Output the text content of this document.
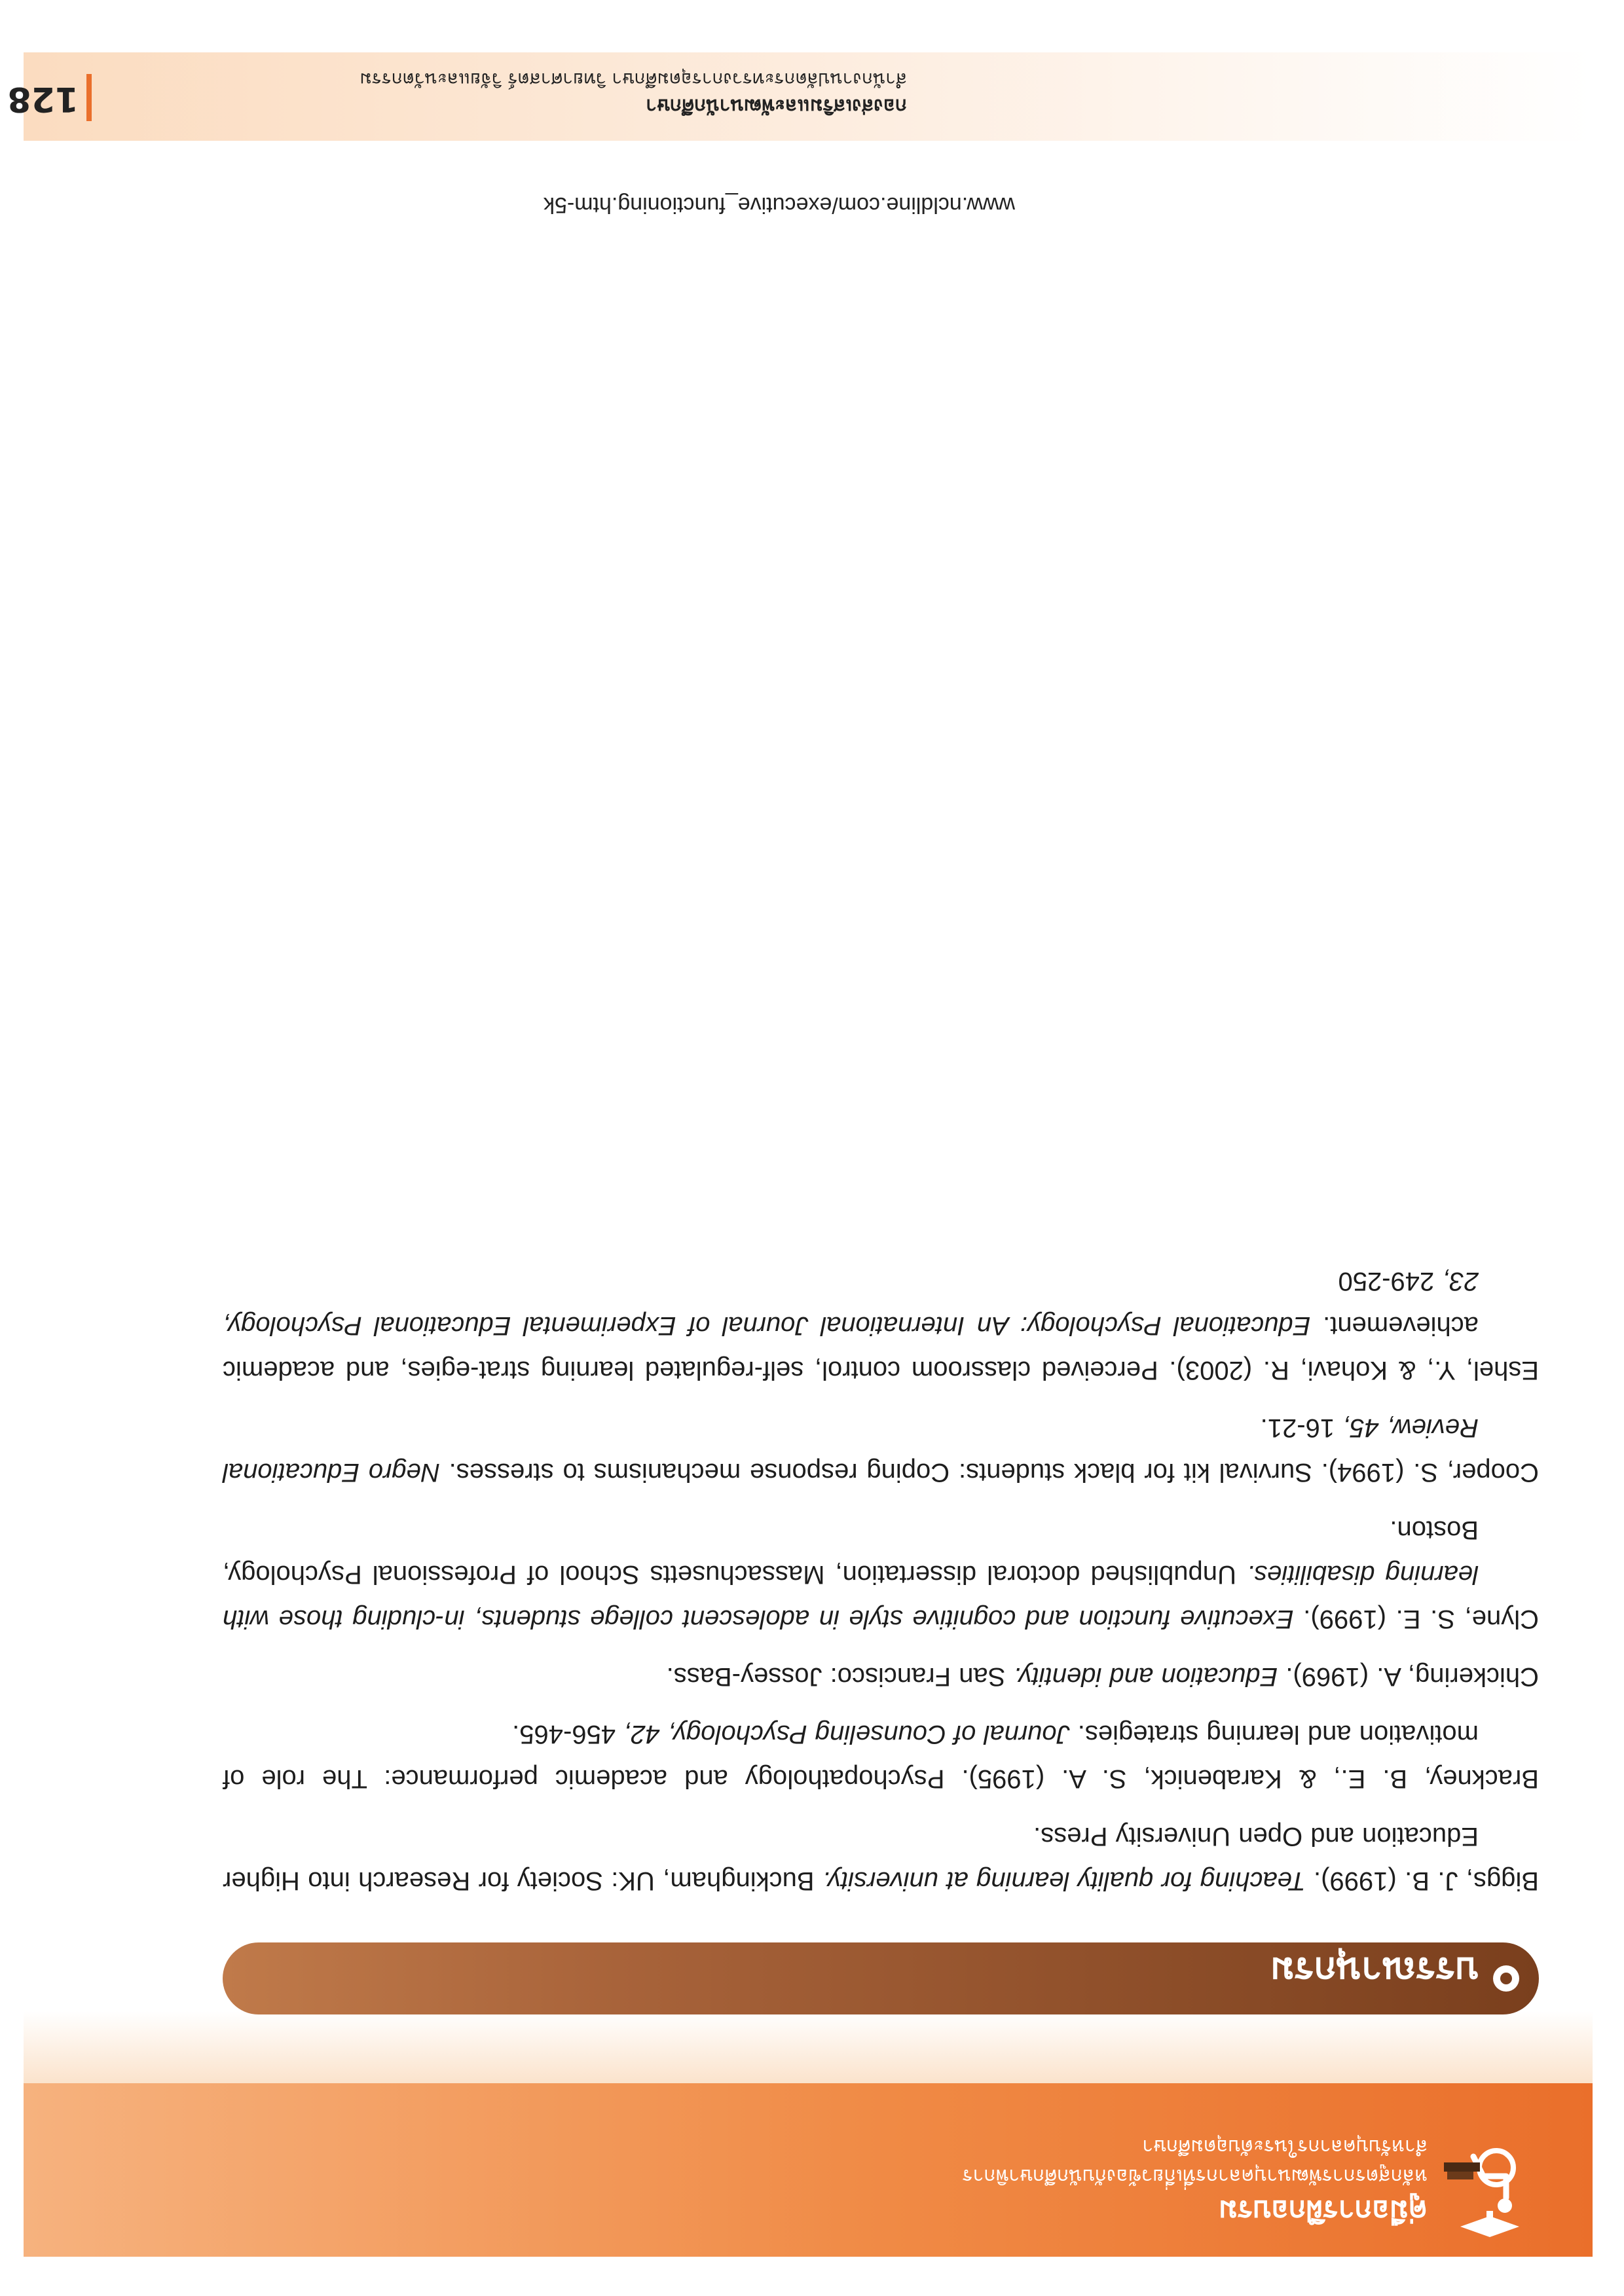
คู่มือการฝึกอบรม
หลักสูตรการพัฒนาบุคลากรที่เกี่ยวข้องกับนักศึกษาพิการ
สำหรับบุคลากรในระดับอุดมศึกษา
บรรณานุกรม

Biggs, J. B. (1999). Teaching for quality learning at university. Buckingham, UK: Society for Research into Higher Education and Open University Press.

Brackney, B. E., & Karabenick, S. A. (1995). Psychopathology and academic performance: The role of motivation and learning strategies. Journal of Counseling Psychology, 42, 456-465.

Chickering, A. (1969). Education and identity. San Francisco: Jossey-Bass.

Clyne, S. E. (1999). Executive function and cognitive style in adolescent college students, in-cluding those with learning disabilities. Unpublished doctoral dissertation, Massachusetts School of Professional Psychology, Boston.

Cooper, S. (1994). Survival kit for black students: Coping response mechanisms to stresses. Negro Educational Review, 45, 16-21.

Eshel, Y., & Kohavi, R. (2003). Perceived classroom control, self-regulated learning strat-egies, and academic achievement. Educational Psychology: An International Journal of Experimental Educational Psychology, 23, 249-250

www.ncldline.com/executive_functioning.htm-5k
กองส่งเสริมและพัฒนานักศึกษา
สำนักงานปลัดกระทรวงการอุดมศึกษา วิทยาศาสตร์ วิจัยและนวัตกรรม
128
